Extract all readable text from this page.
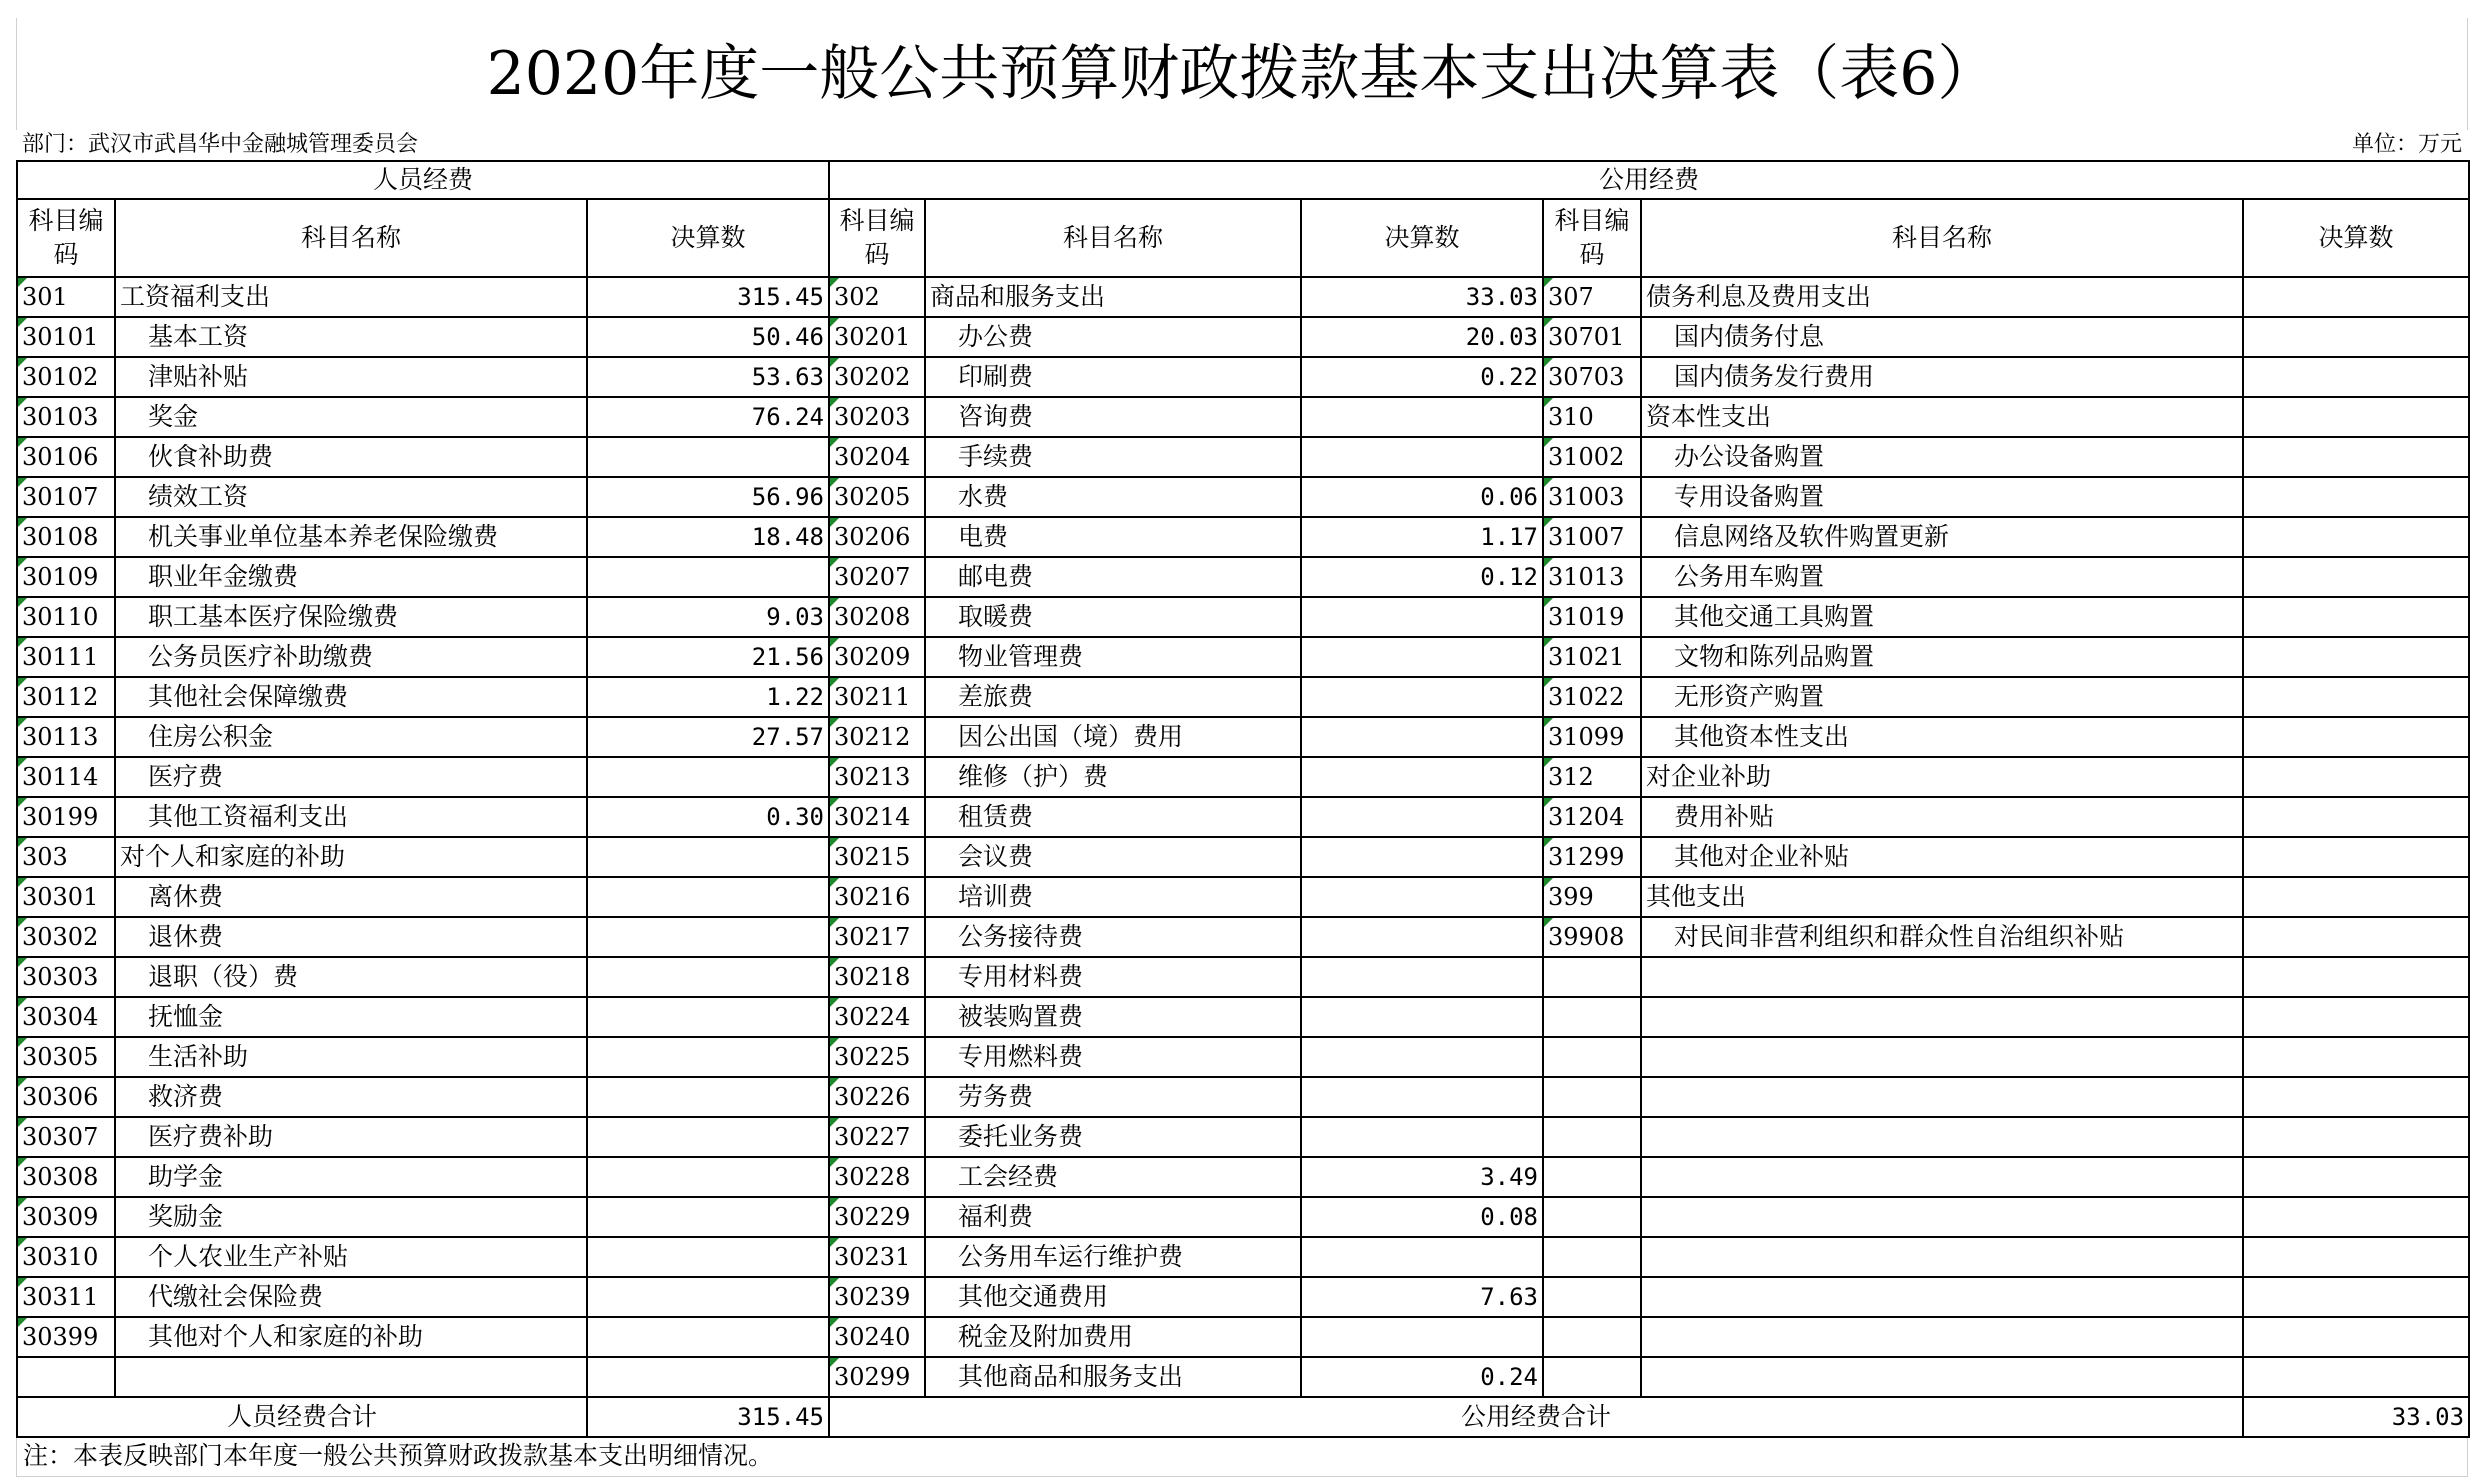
2020年度一般公共预算财政拨款基本支出决算表（表6）
部门：武汉市武昌华中金融城管理委员会	单位：万元
人员经费			公用经费					
科目编码	科目名称	决算数	科目编码	科目名称	决算数	科目编码	科目名称	决算数
301	工资福利支出	315.45	302	商品和服务支出	33.03	307	债务利息及费用支出	
30101	基本工资	50.46	30201	办公费	20.03	30701	国内债务付息	
30102	津贴补贴	53.63	30202	印刷费	0.22	30703	国内债务发行费用	
30103	奖金	76.24	30203	咨询费		310	资本性支出	
30106	伙食补助费		30204	手续费		31002	办公设备购置	
30107	绩效工资	56.96	30205	水费	0.06	31003	专用设备购置	
30108	机关事业单位基本养老保险缴费	18.48	30206	电费	1.17	31007	信息网络及软件购置更新	
30109	职业年金缴费		30207	邮电费	0.12	31013	公务用车购置	
30110	职工基本医疗保险缴费	9.03	30208	取暖费		31019	其他交通工具购置	
30111	公务员医疗补助缴费	21.56	30209	物业管理费		31021	文物和陈列品购置	
30112	其他社会保障缴费	1.22	30211	差旅费		31022	无形资产购置	
30113	住房公积金	27.57	30212	因公出国（境）费用		31099	其他资本性支出	
30114	医疗费		30213	维修（护）费		312	对企业补助	
30199	其他工资福利支出	0.30	30214	租赁费		31204	费用补贴	
303	对个人和家庭的补助		30215	会议费		31299	其他对企业补贴	
30301	离休费		30216	培训费		399	其他支出	
30302	退休费		30217	公务接待费		39908	对民间非营利组织和群众性自治组织补贴	
30303	退职（役）费		30218	专用材料费				
30304	抚恤金		30224	被装购置费				
30305	生活补助		30225	专用燃料费				
30306	救济费		30226	劳务费				
30307	医疗费补助		30227	委托业务费				
30308	助学金		30228	工会经费	3.49			
30309	奖励金		30229	福利费	0.08			
30310	个人农业生产补贴		30231	公务用车运行维护费				
30311	代缴社会保险费		30239	其他交通费用	7.63			
30399	其他对个人和家庭的补助		30240	税金及附加费用				
			30299	其他商品和服务支出	0.24			
人员经费合计		315.45	公用经费合计					33.03
注：本表反映部门本年度一般公共预算财政拨款基本支出明细情况。
